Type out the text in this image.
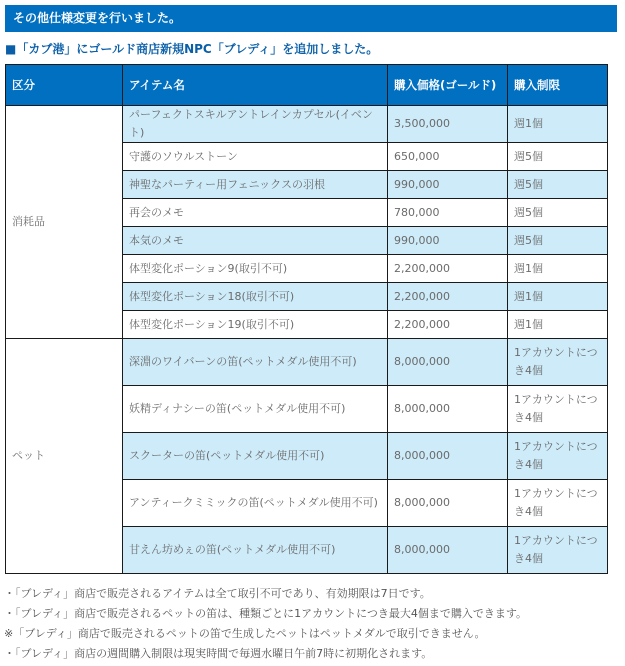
その他仕様変更を行いました。
■「カブ港」にゴールド商店新規NPC「ブレディ」を追加しました。
区分	アイテム名	購入価格(ゴールド)	購入制限
消耗品	パーフェクトスキルアントレインカプセル(イベント)	3,500,000	週1個
	守護のソウルストーン	650,000	週5個
	神聖なパーティー用フェニックスの羽根	990,000	週5個
	再会のメモ	780,000	週5個
	本気のメモ	990,000	週5個
	体型変化ポーション9(取引不可)	2,200,000	週1個
	体型変化ポーション18(取引不可)	2,200,000	週1個
	体型変化ポーション19(取引不可)	2,200,000	週1個
ペット	深淵のワイバーンの笛(ペットメダル使用不可)	8,000,000	1アカウントにつき4個
	妖精ディナシーの笛(ペットメダル使用不可)	8,000,000	1アカウントにつき4個
	スクーターの笛(ペットメダル使用不可)	8,000,000	1アカウントにつき4個
	アンティークミミックの笛(ペットメダル使用不可)	8,000,000	1アカウントにつき4個
	甘えん坊めぇの笛(ペットメダル使用不可)	8,000,000	1アカウントにつき4個
・「ブレディ」商店で販売されるアイテムは全て取引不可であり、有効期限は7日です。
・「ブレディ」商店で販売されるペットの笛は、種類ごとに1アカウントにつき最大4個まで購入できます。
※「ブレディ」商店で販売されるペットの笛で生成したペットはペットメダルで取引できません。
・「ブレディ」商店の週間購入制限は現実時間で毎週水曜日午前7時に初期化されます。
